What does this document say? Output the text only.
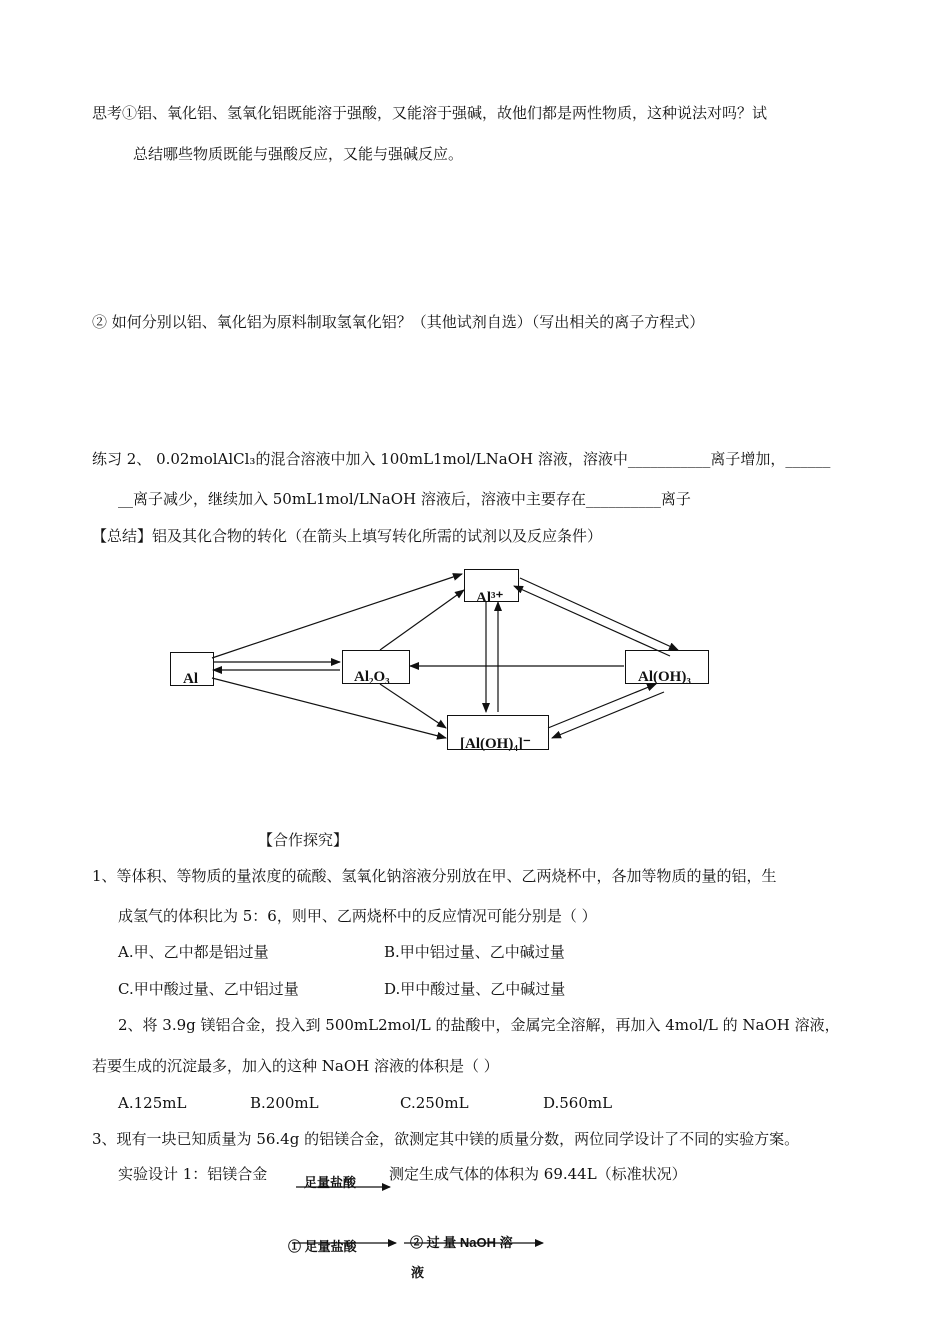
思考①铝、氧化铝、氢氧化铝既能溶于强酸，又能溶于强碱，故他们都是两性物质，这种说法对吗？试
总结哪些物质既能与强酸反应，又能与强碱反应。
② 如何分别以铝、氧化铝为原料制取氢氧化铝？（其他试剂自选）（写出相关的离子方程式）
练习 2、 0.02molAlCl₃的混合溶液中加入 100mL1mol/LNaOH 溶液，溶液中___________离子增加，______
__离子减少，继续加入 50mL1mol/LNaOH 溶液后，溶液中主要存在__________离子
【总结】铝及其化合物的转化（在箭头上填写转化所需的试剂以及反应条件）
Al³⁺
Al	Al₂O₃	Al(OH)₃
[Al(OH)₄]⁻
【合作探究】
1、等体积、等物质的量浓度的硫酸、氢氧化钠溶液分别放在甲、乙两烧杯中，各加等物质的量的铝，生
成氢气的体积比为 5：6，则甲、乙两烧杯中的反应情况可能分别是（ ）
A.甲、乙中都是铝过量	B.甲中铝过量、乙中碱过量
C.甲中酸过量、乙中铝过量	D.甲中酸过量、乙中碱过量
2、将 3.9g 镁铝合金，投入到 500mL2mol/L 的盐酸中，金属完全溶解，再加入 4mol/L 的 NaOH 溶液，
若要生成的沉淀最多，加入的这种 NaOH 溶液的体积是（ ）
A.125mL	B.200mL	C.250mL	D.560mL
3、现有一块已知质量为 56.4g 的铝镁合金，欲测定其中镁的质量分数，两位同学设计了不同的实验方案。
实验设计 1：铝镁合金	足量盐酸 测定生成气体的体积为 69.44L（标准状况）
① 足量盐酸	② 过 量 NaOH 溶
液
